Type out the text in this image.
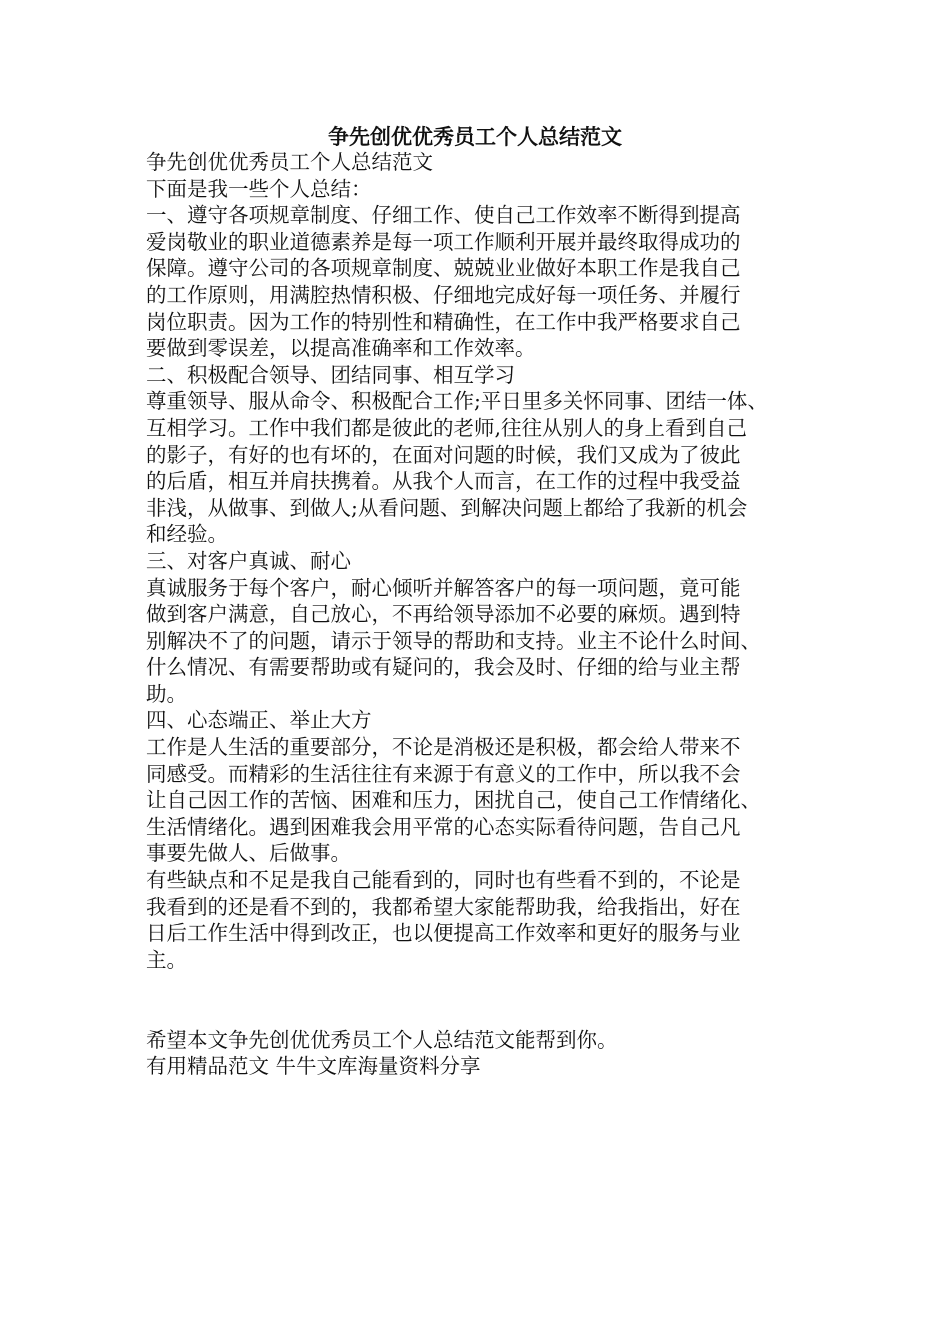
争先创优优秀员工个人总结范文
争先创优优秀员工个人总结范文
下面是我一些个人总结：
一、遵守各项规章制度、仔细工作、使自己工作效率不断得到提高
爱岗敬业的职业道德素养是每一项工作顺利开展并最终取得成功的
保障。遵守公司的各项规章制度、兢兢业业做好本职工作是我自己
的工作原则，用满腔热情积极、仔细地完成好每一项任务、并履行
岗位职责。因为工作的特别性和精确性，在工作中我严格要求自己
要做到零误差，以提高准确率和工作效率。
二、积极配合领导、团结同事、相互学习
尊重领导、服从命令、积极配合工作;平日里多关怀同事、团结一体、
互相学习。工作中我们都是彼此的老师,往往从别人的身上看到自己
的影子，有好的也有坏的，在面对问题的时候，我们又成为了彼此
的后盾，相互并肩扶携着。从我个人而言，在工作的过程中我受益
非浅，从做事、到做人;从看问题、到解决问题上都给了我新的机会
和经验。
三、对客户真诚、耐心
真诚服务于每个客户，耐心倾听并解答客户的每一项问题，竟可能
做到客户满意，自己放心，不再给领导添加不必要的麻烦。遇到特
别解决不了的问题，请示于领导的帮助和支持。业主不论什么时间、
什么情况、有需要帮助或有疑问的，我会及时、仔细的给与业主帮
助。
四、心态端正、举止大方
工作是人生活的重要部分，不论是消极还是积极，都会给人带来不
同感受。而精彩的生活往往有来源于有意义的工作中，所以我不会
让自己因工作的苦恼、困难和压力，困扰自己，使自己工作情绪化、
生活情绪化。遇到困难我会用平常的心态实际看待问题，告自己凡
事要先做人、后做事。
有些缺点和不足是我自己能看到的，同时也有些看不到的，不论是
我看到的还是看不到的，我都希望大家能帮助我，给我指出，好在
日后工作生活中得到改正，也以便提高工作效率和更好的服务与业
主。
希望本文争先创优优秀员工个人总结范文能帮到你。
有用精品范文 牛牛文库海量资料分享
